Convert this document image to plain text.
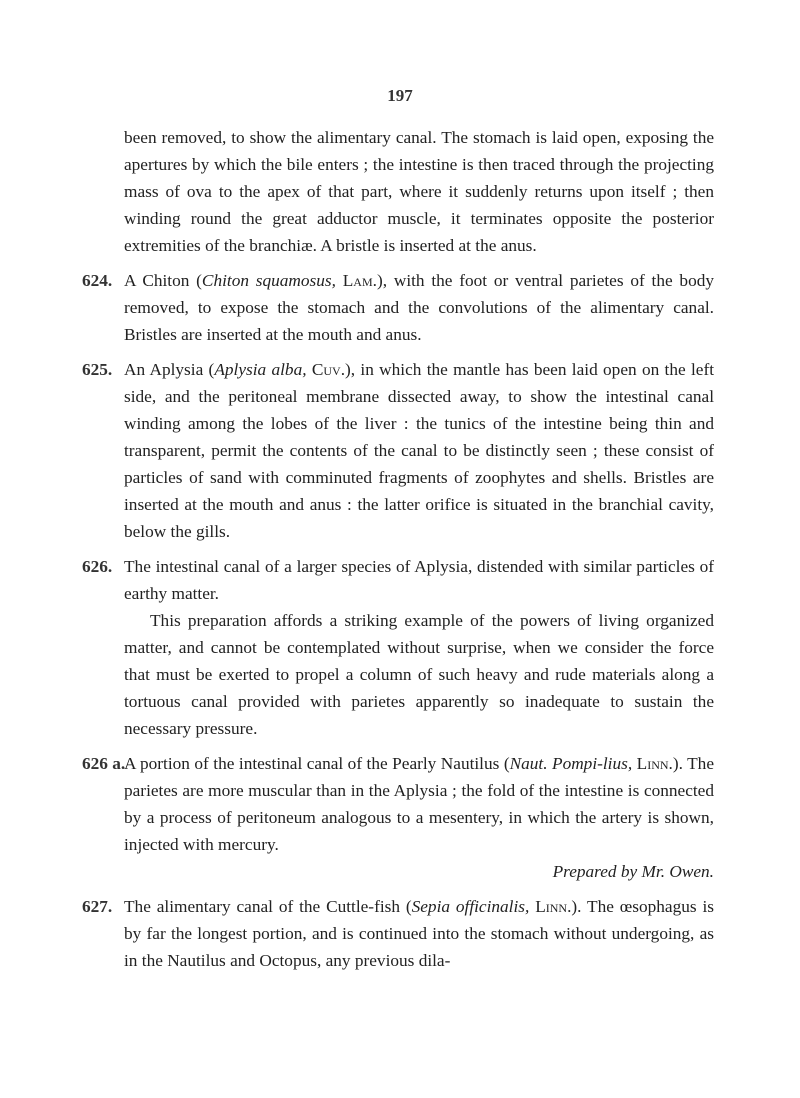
197

been removed, to show the alimentary canal. The stomach is laid open, exposing the apertures by which the bile enters ; the intestine is then traced through the projecting mass of ova to the apex of that part, where it suddenly returns upon itself ; then winding round the great adductor muscle, it terminates opposite the posterior extremities of the branchiæ. A bristle is inserted at the anus.

624. A Chiton (Chiton squamosus, Lam.), with the foot or ventral parietes of the body removed, to expose the stomach and the convolutions of the alimentary canal. Bristles are inserted at the mouth and anus.

625. An Aplysia (Aplysia alba, Cuv.), in which the mantle has been laid open on the left side, and the peritoneal membrane dissected away, to show the intestinal canal winding among the lobes of the liver : the tunics of the intestine being thin and transparent, permit the contents of the canal to be distinctly seen ; these consist of particles of sand with comminuted fragments of zoophytes and shells. Bristles are inserted at the mouth and anus : the latter orifice is situated in the branchial cavity, below the gills.

626. The intestinal canal of a larger species of Aplysia, distended with similar particles of earthy matter.

This preparation affords a striking example of the powers of living organized matter, and cannot be contemplated without surprise, when we consider the force that must be exerted to propel a column of such heavy and rude materials along a tortuous canal provided with parietes apparently so inadequate to sustain the necessary pressure.

626 a.A portion of the intestinal canal of the Pearly Nautilus (Naut. Pompi-lius, Linn.). The parietes are more muscular than in the Aplysia ; the fold of the intestine is connected by a process of peritoneum analogous to a mesentery, in which the artery is shown, injected with mercury.

Prepared by Mr. Owen.

627. The alimentary canal of the Cuttle-fish (Sepia officinalis, Linn.). The œsophagus is by far the longest portion, and is continued into the stomach without undergoing, as in the Nautilus and Octopus, any previous dila-
